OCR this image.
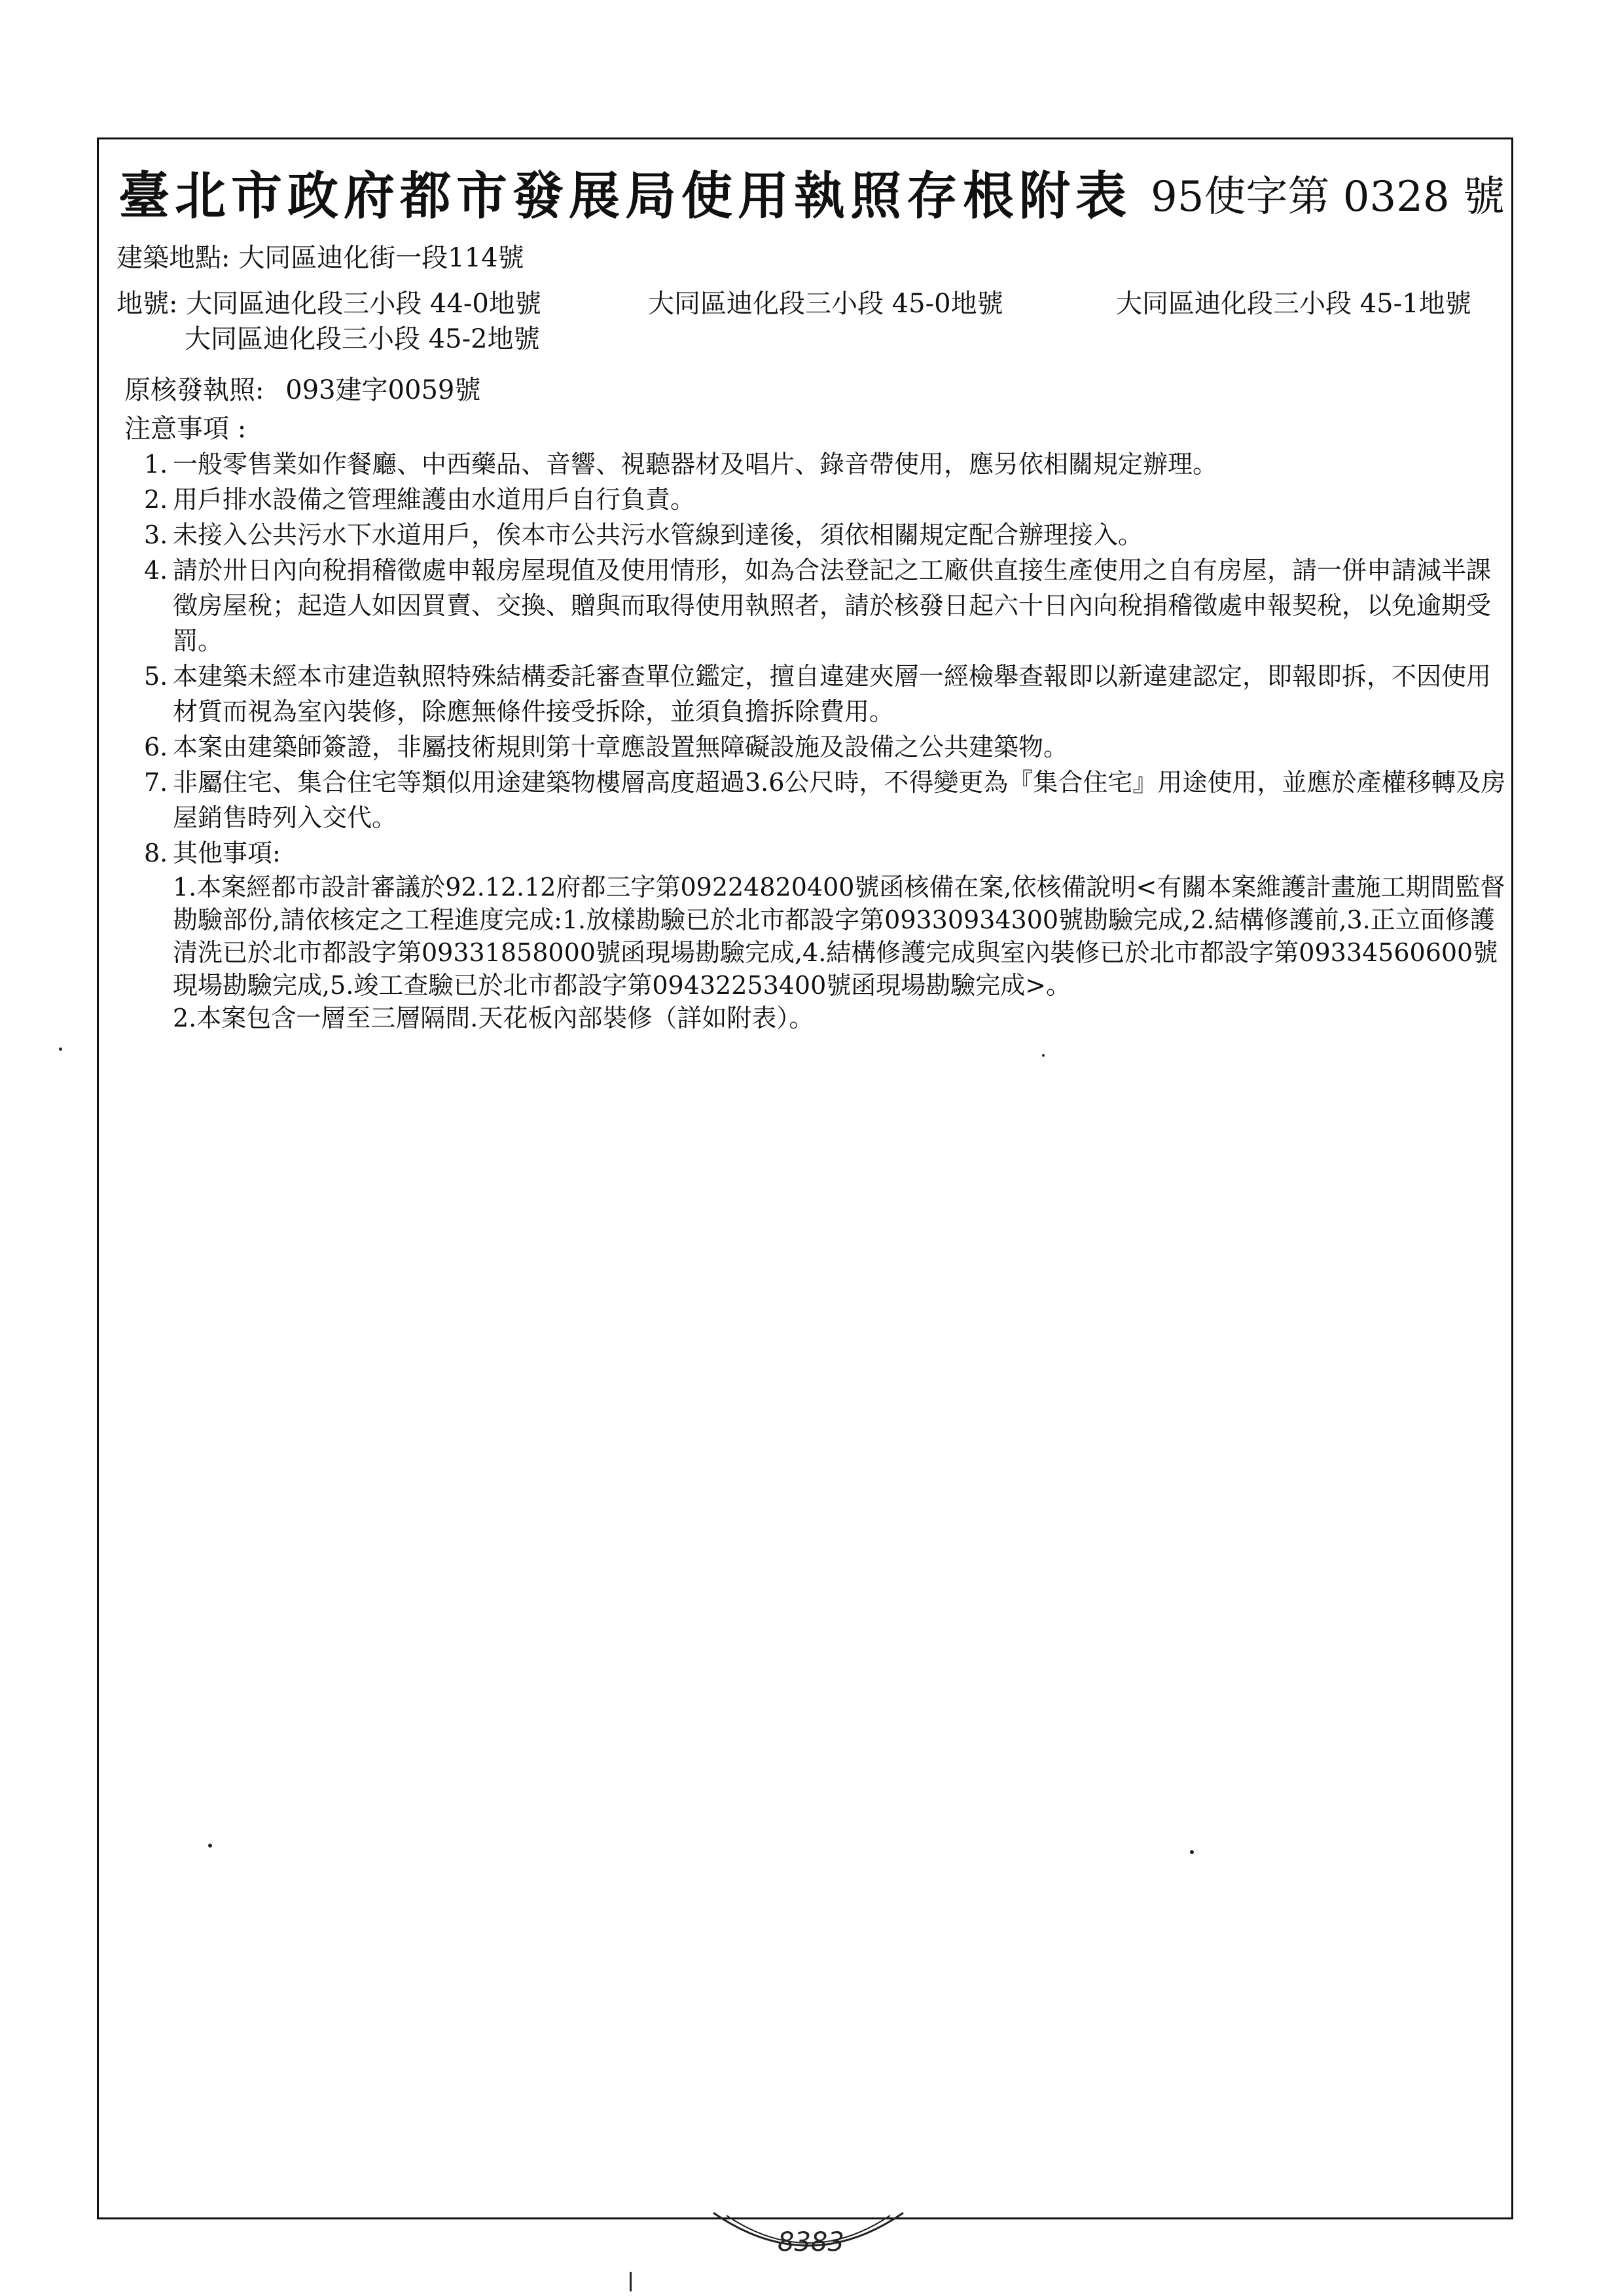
臺北市政府都市發展局使用執照存根附表 95使字第 0328 號
建築地點: 大同區迪化街一段114號
地號: 大同區迪化段三小段 44-0地號	大同區迪化段三小段 45-0地號	大同區迪化段三小段 45-1地號
大同區迪化段三小段 45-2地號
原核發執照: 093建字0059號
注意事項 :
1. 一般零售業如作餐廳、中西藥品、音響、視聽器材及唱片、錄音帶使用，應另依相關規定辦理。
2. 用戶排水設備之管理維護由水道用戶自行負責。
3. 未接入公共污水下水道用戶，俟本市公共污水管線到達後，須依相關規定配合辦理接入。
4. 請於卅日內向稅捐稽徵處申報房屋現值及使用情形，如為合法登記之工廠供直接生產使用之自有房屋，請一併申請減半課徵房屋稅；起造人如因買賣、交換、贈與而取得使用執照者，請於核發日起六十日內向稅捐稽徵處申報契稅，以免逾期受罰。
5. 本建築未經本市建造執照特殊結構委託審查單位鑑定，擅自違建夾層一經檢舉查報即以新違建認定，即報即拆，不因使用材質而視為室內裝修，除應無條件接受拆除，並須負擔拆除費用。
6. 本案由建築師簽證，非屬技術規則第十章應設置無障礙設施及設備之公共建築物。
7. 非屬住宅、集合住宅等類似用途建築物樓層高度超過3.6公尺時，不得變更為『集合住宅』用途使用，並應於產權移轉及房屋銷售時列入交代。
8. 其他事項:
1.本案經都市設計審議於92.12.12府都三字第09224820400號函核備在案,依核備說明<有關本案維護計畫施工期間監督勘驗部份,請依核定之工程進度完成:1.放樣勘驗已於北市都設字第09330934300號勘驗完成,2.結構修護前,3.正立面修護清洗已於北市都設字第09331858000號函現場勘驗完成,4.結構修護完成與室內裝修已於北市都設字第09334560600號現場勘驗完成,5.竣工查驗已於北市都設字第09432253400號函現場勘驗完成>。
2.本案包含一層至三層隔間.天花板內部裝修（詳如附表）。
8383
